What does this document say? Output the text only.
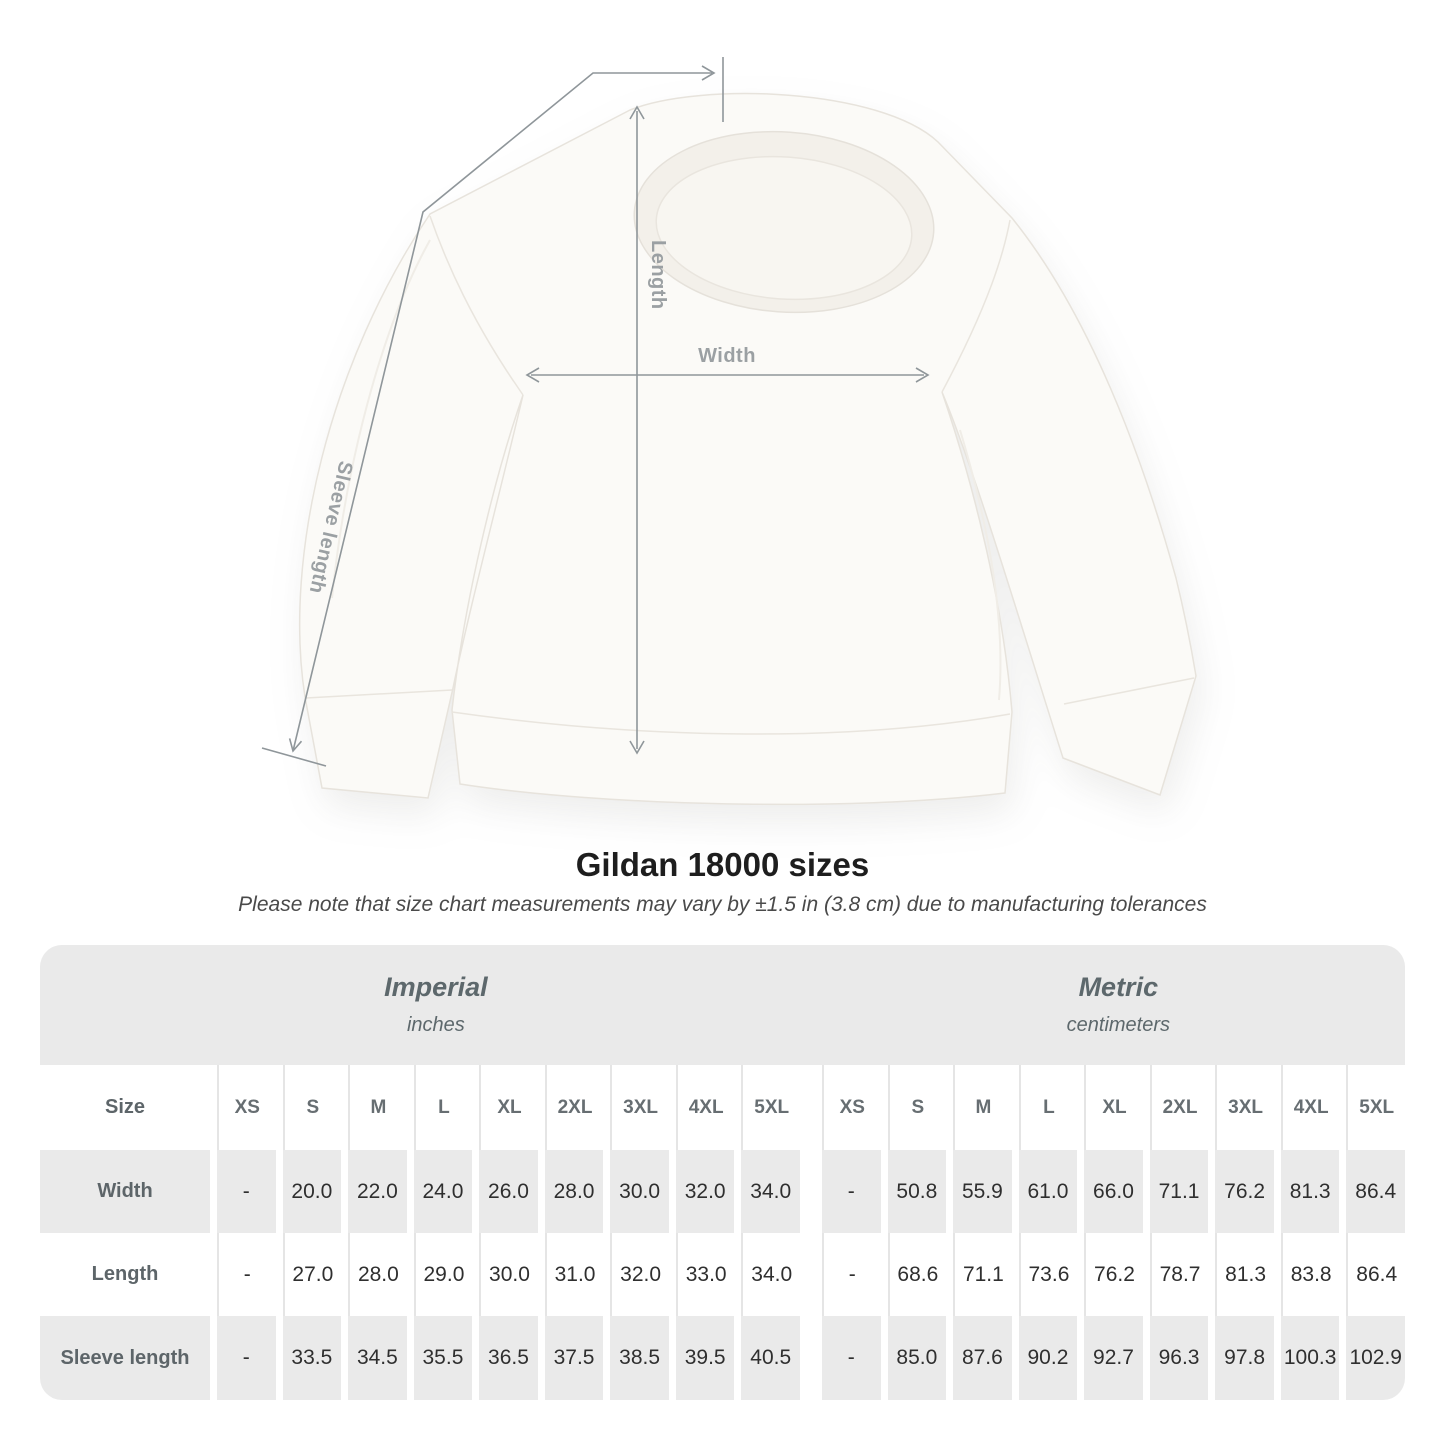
Length
Width
Sleeve length
Gildan 18000 sizes
Please note that size chart measurements may vary by ±1.5 in (3.8 cm) due to manufacturing tolerances
Imperial
inches
Metric
centimeters
Size	XS	S	M	L	XL	2XL	3XL	4XL	5XL	XS	S	M	L	XL	2XL	3XL	4XL	5XL
Width	-	20.0	22.0	24.0	26.0	28.0	30.0	32.0	34.0	-	50.8	55.9	61.0	66.0	71.1	76.2	81.3	86.4
Length	-	27.0	28.0	29.0	30.0	31.0	32.0	33.0	34.0	-	68.6	71.1	73.6	76.2	78.7	81.3	83.8	86.4
Sleeve length	-	33.5	34.5	35.5	36.5	37.5	38.5	39.5	40.5	-	85.0	87.6	90.2	92.7	96.3	97.8 100.3 102.9
